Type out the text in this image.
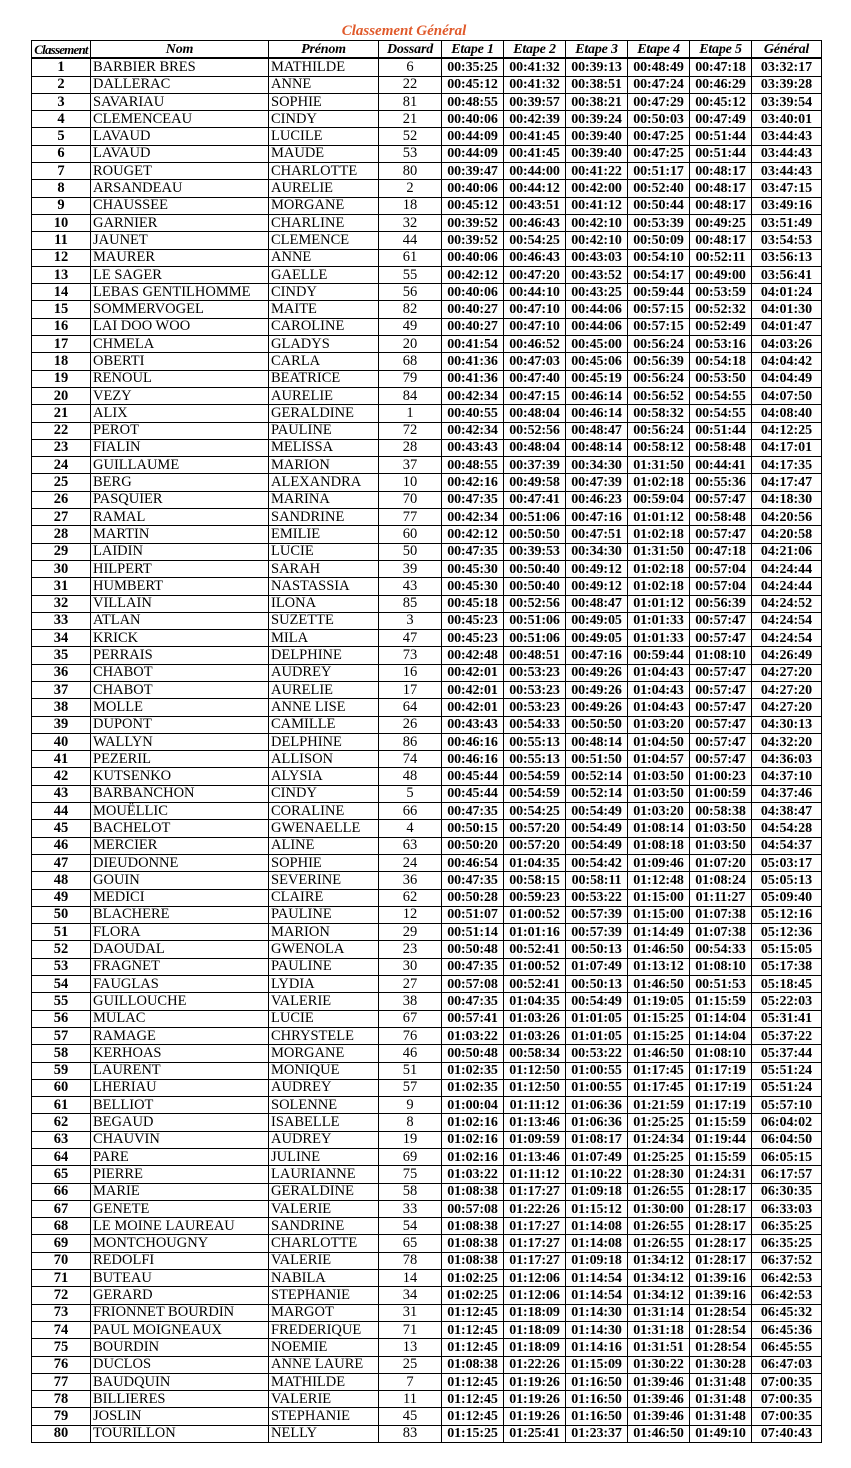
Classement Général
Classement	Nom	Prénom	Dossard	Etape 1	Etape 2	Etape 3	Etape 4	Etape 5	Général
1	BARBIER BRES	MATHILDE	6	00:35:25	00:41:32	00:39:13	00:48:49	00:47:18	03:32:17
2	DALLERAC	ANNE	22	00:45:12	00:41:32	00:38:51	00:47:24	00:46:29	03:39:28
3	SAVARIAU	SOPHIE	81	00:48:55	00:39:57	00:38:21	00:47:29	00:45:12	03:39:54
4	CLEMENCEAU	CINDY	21	00:40:06	00:42:39	00:39:24	00:50:03	00:47:49	03:40:01
5	LAVAUD	LUCILE	52	00:44:09	00:41:45	00:39:40	00:47:25	00:51:44	03:44:43
6	LAVAUD	MAUDE	53	00:44:09	00:41:45	00:39:40	00:47:25	00:51:44	03:44:43
7	ROUGET	CHARLOTTE	80	00:39:47	00:44:00	00:41:22	00:51:17	00:48:17	03:44:43
8	ARSANDEAU	AURELIE	2	00:40:06	00:44:12	00:42:00	00:52:40	00:48:17	03:47:15
9	CHAUSSEE	MORGANE	18	00:45:12	00:43:51	00:41:12	00:50:44	00:48:17	03:49:16
10	GARNIER	CHARLINE	32	00:39:52	00:46:43	00:42:10	00:53:39	00:49:25	03:51:49
11	JAUNET	CLEMENCE	44	00:39:52	00:54:25	00:42:10	00:50:09	00:48:17	03:54:53
12	MAURER	ANNE	61	00:40:06	00:46:43	00:43:03	00:54:10	00:52:11	03:56:13
13	LE SAGER	GAELLE	55	00:42:12	00:47:20	00:43:52	00:54:17	00:49:00	03:56:41
14	LEBAS GENTILHOMME	CINDY	56	00:40:06	00:44:10	00:43:25	00:59:44	00:53:59	04:01:24
15	SOMMERVOGEL	MAITE	82	00:40:27	00:47:10	00:44:06	00:57:15	00:52:32	04:01:30
16	LAI DOO WOO	CAROLINE	49	00:40:27	00:47:10	00:44:06	00:57:15	00:52:49	04:01:47
17	CHMELA	GLADYS	20	00:41:54	00:46:52	00:45:00	00:56:24	00:53:16	04:03:26
18	OBERTI	CARLA	68	00:41:36	00:47:03	00:45:06	00:56:39	00:54:18	04:04:42
19	RENOUL	BEATRICE	79	00:41:36	00:47:40	00:45:19	00:56:24	00:53:50	04:04:49
20	VEZY	AURELIE	84	00:42:34	00:47:15	00:46:14	00:56:52	00:54:55	04:07:50
21	ALIX	GERALDINE	1	00:40:55	00:48:04	00:46:14	00:58:32	00:54:55	04:08:40
22	PEROT	PAULINE	72	00:42:34	00:52:56	00:48:47	00:56:24	00:51:44	04:12:25
23	FIALIN	MELISSA	28	00:43:43	00:48:04	00:48:14	00:58:12	00:58:48	04:17:01
24	GUILLAUME	MARION	37	00:48:55	00:37:39	00:34:30	01:31:50	00:44:41	04:17:35
25	BERG	ALEXANDRA	10	00:42:16	00:49:58	00:47:39	01:02:18	00:55:36	04:17:47
26	PASQUIER	MARINA	70	00:47:35	00:47:41	00:46:23	00:59:04	00:57:47	04:18:30
27	RAMAL	SANDRINE	77	00:42:34	00:51:06	00:47:16	01:01:12	00:58:48	04:20:56
28	MARTIN	EMILIE	60	00:42:12	00:50:50	00:47:51	01:02:18	00:57:47	04:20:58
29	LAIDIN	LUCIE	50	00:47:35	00:39:53	00:34:30	01:31:50	00:47:18	04:21:06
30	HILPERT	SARAH	39	00:45:30	00:50:40	00:49:12	01:02:18	00:57:04	04:24:44
31	HUMBERT	NASTASSIA	43	00:45:30	00:50:40	00:49:12	01:02:18	00:57:04	04:24:44
32	VILLAIN	ILONA	85	00:45:18	00:52:56	00:48:47	01:01:12	00:56:39	04:24:52
33	ATLAN	SUZETTE	3	00:45:23	00:51:06	00:49:05	01:01:33	00:57:47	04:24:54
34	KRICK	MILA	47	00:45:23	00:51:06	00:49:05	01:01:33	00:57:47	04:24:54
35	PERRAIS	DELPHINE	73	00:42:48	00:48:51	00:47:16	00:59:44	01:08:10	04:26:49
36	CHABOT	AUDREY	16	00:42:01	00:53:23	00:49:26	01:04:43	00:57:47	04:27:20
37	CHABOT	AURELIE	17	00:42:01	00:53:23	00:49:26	01:04:43	00:57:47	04:27:20
38	MOLLE	ANNE LISE	64	00:42:01	00:53:23	00:49:26	01:04:43	00:57:47	04:27:20
39	DUPONT	CAMILLE	26	00:43:43	00:54:33	00:50:50	01:03:20	00:57:47	04:30:13
40	WALLYN	DELPHINE	86	00:46:16	00:55:13	00:48:14	01:04:50	00:57:47	04:32:20
41	PEZERIL	ALLISON	74	00:46:16	00:55:13	00:51:50	01:04:57	00:57:47	04:36:03
42	KUTSENKO	ALYSIA	48	00:45:44	00:54:59	00:52:14	01:03:50	01:00:23	04:37:10
43	BARBANCHON	CINDY	5	00:45:44	00:54:59	00:52:14	01:03:50	01:00:59	04:37:46
44	MOUËLLIC	CORALINE	66	00:47:35	00:54:25	00:54:49	01:03:20	00:58:38	04:38:47
45	BACHELOT	GWENAELLE	4	00:50:15	00:57:20	00:54:49	01:08:14	01:03:50	04:54:28
46	MERCIER	ALINE	63	00:50:20	00:57:20	00:54:49	01:08:18	01:03:50	04:54:37
47	DIEUDONNE	SOPHIE	24	00:46:54	01:04:35	00:54:42	01:09:46	01:07:20	05:03:17
48	GOUIN	SEVERINE	36	00:47:35	00:58:15	00:58:11	01:12:48	01:08:24	05:05:13
49	MEDICI	CLAIRE	62	00:50:28	00:59:23	00:53:22	01:15:00	01:11:27	05:09:40
50	BLACHERE	PAULINE	12	00:51:07	01:00:52	00:57:39	01:15:00	01:07:38	05:12:16
51	FLORA	MARION	29	00:51:14	01:01:16	00:57:39	01:14:49	01:07:38	05:12:36
52	DAOUDAL	GWENOLA	23	00:50:48	00:52:41	00:50:13	01:46:50	00:54:33	05:15:05
53	FRAGNET	PAULINE	30	00:47:35	01:00:52	01:07:49	01:13:12	01:08:10	05:17:38
54	FAUGLAS	LYDIA	27	00:57:08	00:52:41	00:50:13	01:46:50	00:51:53	05:18:45
55	GUILLOUCHE	VALERIE	38	00:47:35	01:04:35	00:54:49	01:19:05	01:15:59	05:22:03
56	MULAC	LUCIE	67	00:57:41	01:03:26	01:01:05	01:15:25	01:14:04	05:31:41
57	RAMAGE	CHRYSTELE	76	01:03:22	01:03:26	01:01:05	01:15:25	01:14:04	05:37:22
58	KERHOAS	MORGANE	46	00:50:48	00:58:34	00:53:22	01:46:50	01:08:10	05:37:44
59	LAURENT	MONIQUE	51	01:02:35	01:12:50	01:00:55	01:17:45	01:17:19	05:51:24
60	LHERIAU	AUDREY	57	01:02:35	01:12:50	01:00:55	01:17:45	01:17:19	05:51:24
61	BELLIOT	SOLENNE	9	01:00:04	01:11:12	01:06:36	01:21:59	01:17:19	05:57:10
62	BEGAUD	ISABELLE	8	01:02:16	01:13:46	01:06:36	01:25:25	01:15:59	06:04:02
63	CHAUVIN	AUDREY	19	01:02:16	01:09:59	01:08:17	01:24:34	01:19:44	06:04:50
64	PARE	JULINE	69	01:02:16	01:13:46	01:07:49	01:25:25	01:15:59	06:05:15
65	PIERRE	LAURIANNE	75	01:03:22	01:11:12	01:10:22	01:28:30	01:24:31	06:17:57
66	MARIE	GERALDINE	58	01:08:38	01:17:27	01:09:18	01:26:55	01:28:17	06:30:35
67	GENETE	VALERIE	33	00:57:08	01:22:26	01:15:12	01:30:00	01:28:17	06:33:03
68	LE MOINE LAUREAU	SANDRINE	54	01:08:38	01:17:27	01:14:08	01:26:55	01:28:17	06:35:25
69	MONTCHOUGNY	CHARLOTTE	65	01:08:38	01:17:27	01:14:08	01:26:55	01:28:17	06:35:25
70	REDOLFI	VALERIE	78	01:08:38	01:17:27	01:09:18	01:34:12	01:28:17	06:37:52
71	BUTEAU	NABILA	14	01:02:25	01:12:06	01:14:54	01:34:12	01:39:16	06:42:53
72	GERARD	STEPHANIE	34	01:02:25	01:12:06	01:14:54	01:34:12	01:39:16	06:42:53
73	FRIONNET BOURDIN	MARGOT	31	01:12:45	01:18:09	01:14:30	01:31:14	01:28:54	06:45:32
74	PAUL MOIGNEAUX	FREDERIQUE	71	01:12:45	01:18:09	01:14:30	01:31:18	01:28:54	06:45:36
75	BOURDIN	NOEMIE	13	01:12:45	01:18:09	01:14:16	01:31:51	01:28:54	06:45:55
76	DUCLOS	ANNE LAURE	25	01:08:38	01:22:26	01:15:09	01:30:22	01:30:28	06:47:03
77	BAUDQUIN	MATHILDE	7	01:12:45	01:19:26	01:16:50	01:39:46	01:31:48	07:00:35
78	BILLIERES	VALERIE	11	01:12:45	01:19:26	01:16:50	01:39:46	01:31:48	07:00:35
79	JOSLIN	STEPHANIE	45	01:12:45	01:19:26	01:16:50	01:39:46	01:31:48	07:00:35
80	TOURILLON	NELLY	83	01:15:25	01:25:41	01:23:37	01:46:50	01:49:10	07:40:43
